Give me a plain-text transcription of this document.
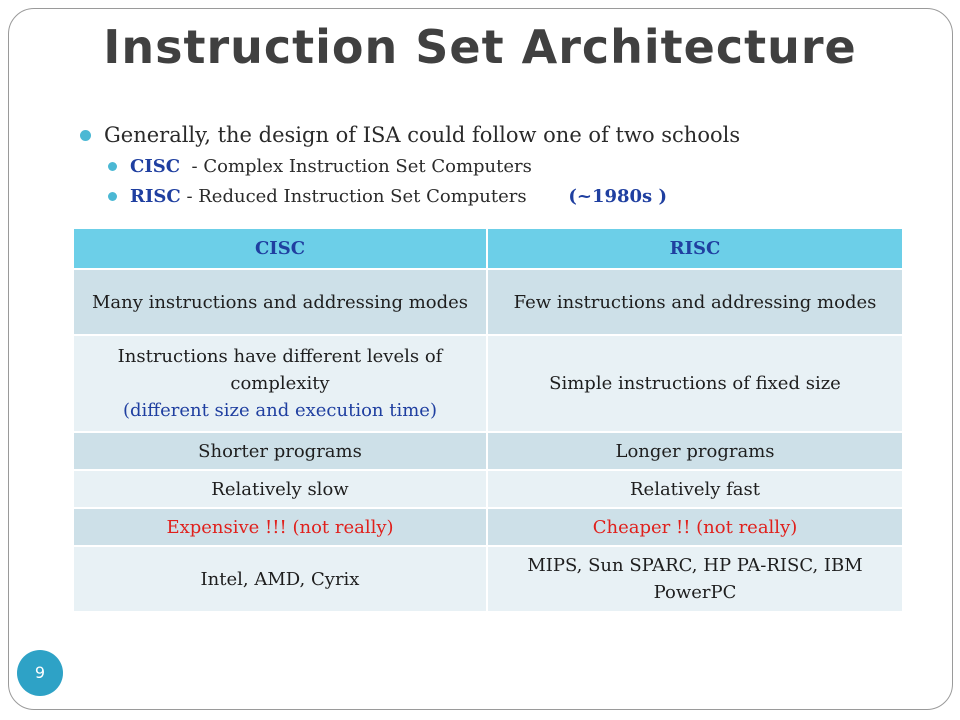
Instruction Set Architecture
Generally, the design of ISA could follow one of two schools
CISC - Complex Instruction Set Computers
RISC - Reduced Instruction Set Computers (~1980s )
CISC	RISC
Many instructions and addressing modes	Few instructions and addressing modes

Instructions have different levels of complexity
(different size and execution time)	Simple instructions of fixed size
Shorter programs	Longer programs
Relatively slow	Relatively fast
Expensive !!! (not really)	Cheaper !! (not really)
Intel, AMD, Cyrix	MIPS, Sun SPARC, HP PA-RISC, IBM PowerPC
9
